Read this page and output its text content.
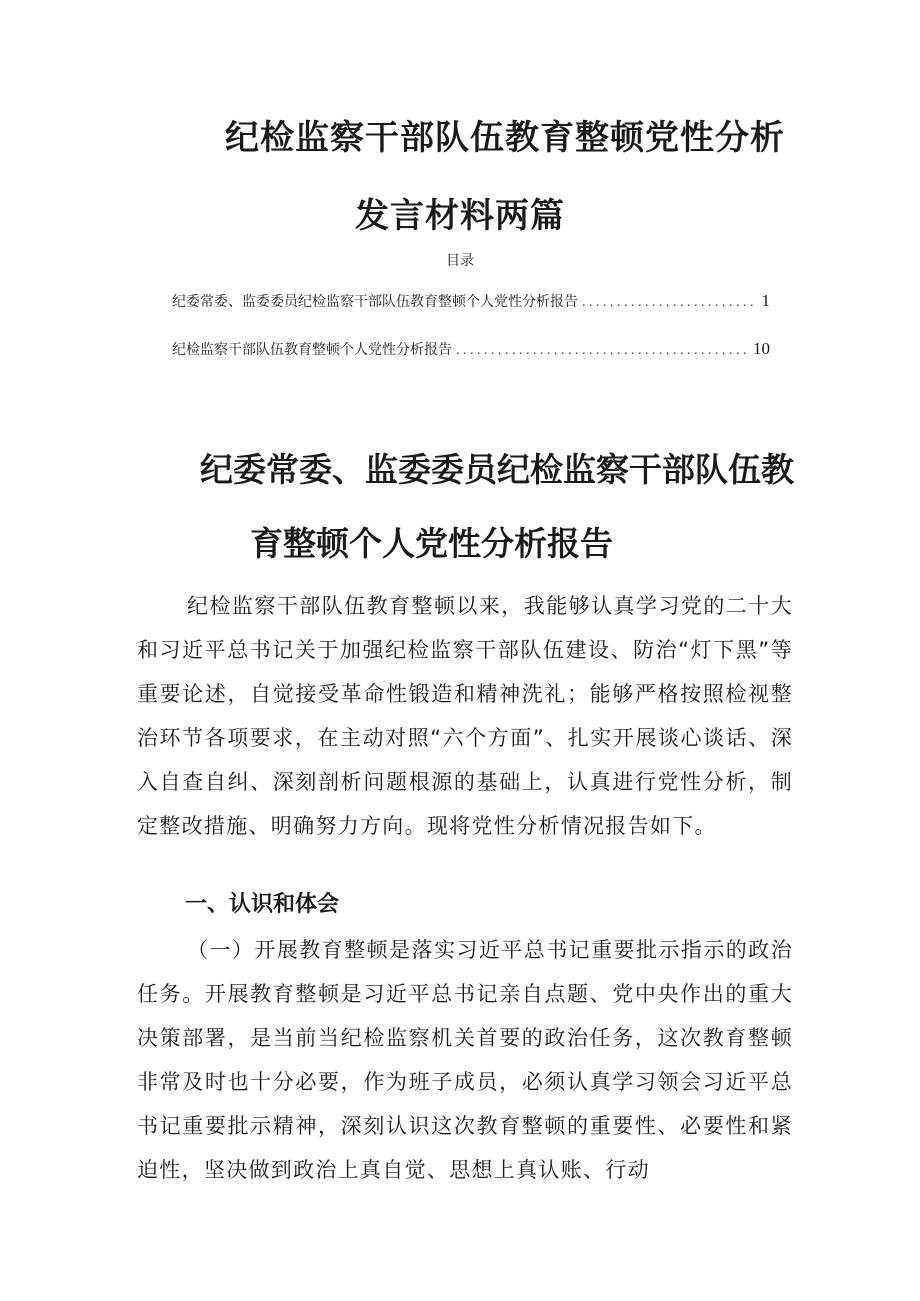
纪检监察干部队伍教育整顿党性分析
发言材料两篇
目录
纪委常委、监委委员纪检监察干部队伍教育整顿个人党性分析报告 . . .	1
纪检监察干部队伍教育整顿个人党性分析报告 . . .	10
纪委常委、监委委员纪检监察干部队伍教
育整顿个人党性分析报告

纪检监察干部队伍教育整顿以来，我能够认真学习党的二十大和习近平总书记关于加强纪检监察干部队伍建设、防治“灯下黑”等重要论述，自觉接受革命性锻造和精神洗礼；能够严格按照检视整治环节各项要求，在主动对照“六个方面”、扎实开展谈心谈话、深入自查自纠、深刻剖析问题根源的基础上，认真进行党性分析，制定整改措施、明确努力方向。现将党性分析情况报告如下。

一、认识和体会

（一）开展教育整顿是落实习近平总书记重要批示指示的政治任务。开展教育整顿是习近平总书记亲自点题、党中央作出的重大决策部署，是当前当纪检监察机关首要的政治任务，这次教育整顿非常及时也十分必要，作为班子成员，必须认真学习领会习近平总书记重要批示精神，深刻认识这次教育整顿的重要性、必要性和紧迫性，坚决做到政治上真自觉、思想上真认账、行动
